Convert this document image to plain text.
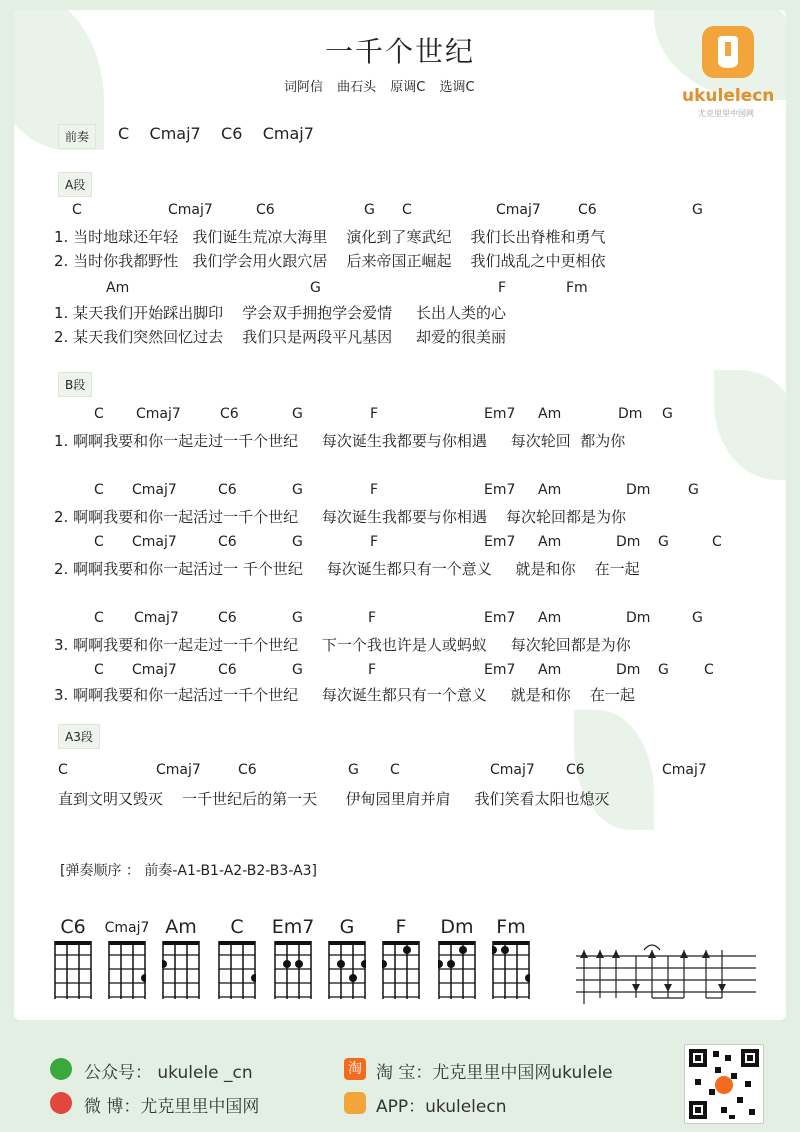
一千个世纪
词阿信 曲石头 原调C 选调C	ukulelecn
尤克里里中国网
前奏	C    Cmaj7    C6    Cmaj7
A段
C	Cmaj7	C6	G C	Cmaj7	C6	G
1. 当时地球还年轻   我们诞生荒凉大海里    演化到了寒武纪    我们长出脊椎和勇气
2. 当时你我都野性   我们学会用火跟穴居    后来帝国正崛起    我们战乱之中更相依
Am	G	F	Fm
1. 某天我们开始踩出脚印    学会双手拥抱学会爱情     长出人类的心
2. 某天我们突然回忆过去    我们只是两段平凡基因     却爱的很美丽
B段
C Cmaj7	C6	G	F	Em7 Am	Dm G
1. 啊啊我要和你一起走过一千个世纪     每次诞生我都要与你相遇     每次轮回  都为你
C Cmaj7	C6	G	F	Em7 Am	Dm	G
2. 啊啊我要和你一起活过一千个世纪     每次诞生我都要与你相遇    每次轮回都是为你
C Cmaj7	C6	G	F	Em7 Am	Dm G	C
2. 啊啊我要和你一起活过一 千个世纪     每次诞生都只有一个意义     就是和你    在一起
C Cmaj7	C6	G	F	Em7 Am	Dm	G
3. 啊啊我要和你一起走过一千个世纪     下一个我也许是人或蚂蚁     每次轮回都是为你
C Cmaj7	C6	G	F	Em7 Am	Dm G	C
3. 啊啊我要和你一起活过一千个世纪     每次诞生都只有一个意义     就是和你    在一起
A3段
C	Cmaj7	C6	G C	Cmaj7 C6	Cmaj7
直到文明又毁灭    一千世纪后的第一天      伊甸园里肩并肩     我们笑看太阳也熄灭
[弹奏顺序 ： 前奏-A1-B1-A2-B2-B3-A3]
C6	Cmaj7 Am	C	Em7	G	F	Dm	Fm
公众号： ukulele _cn
微 博：尤克里里中国网
淘 淘 宝：尤克里里中国网ukulele
APP：ukulelecn
